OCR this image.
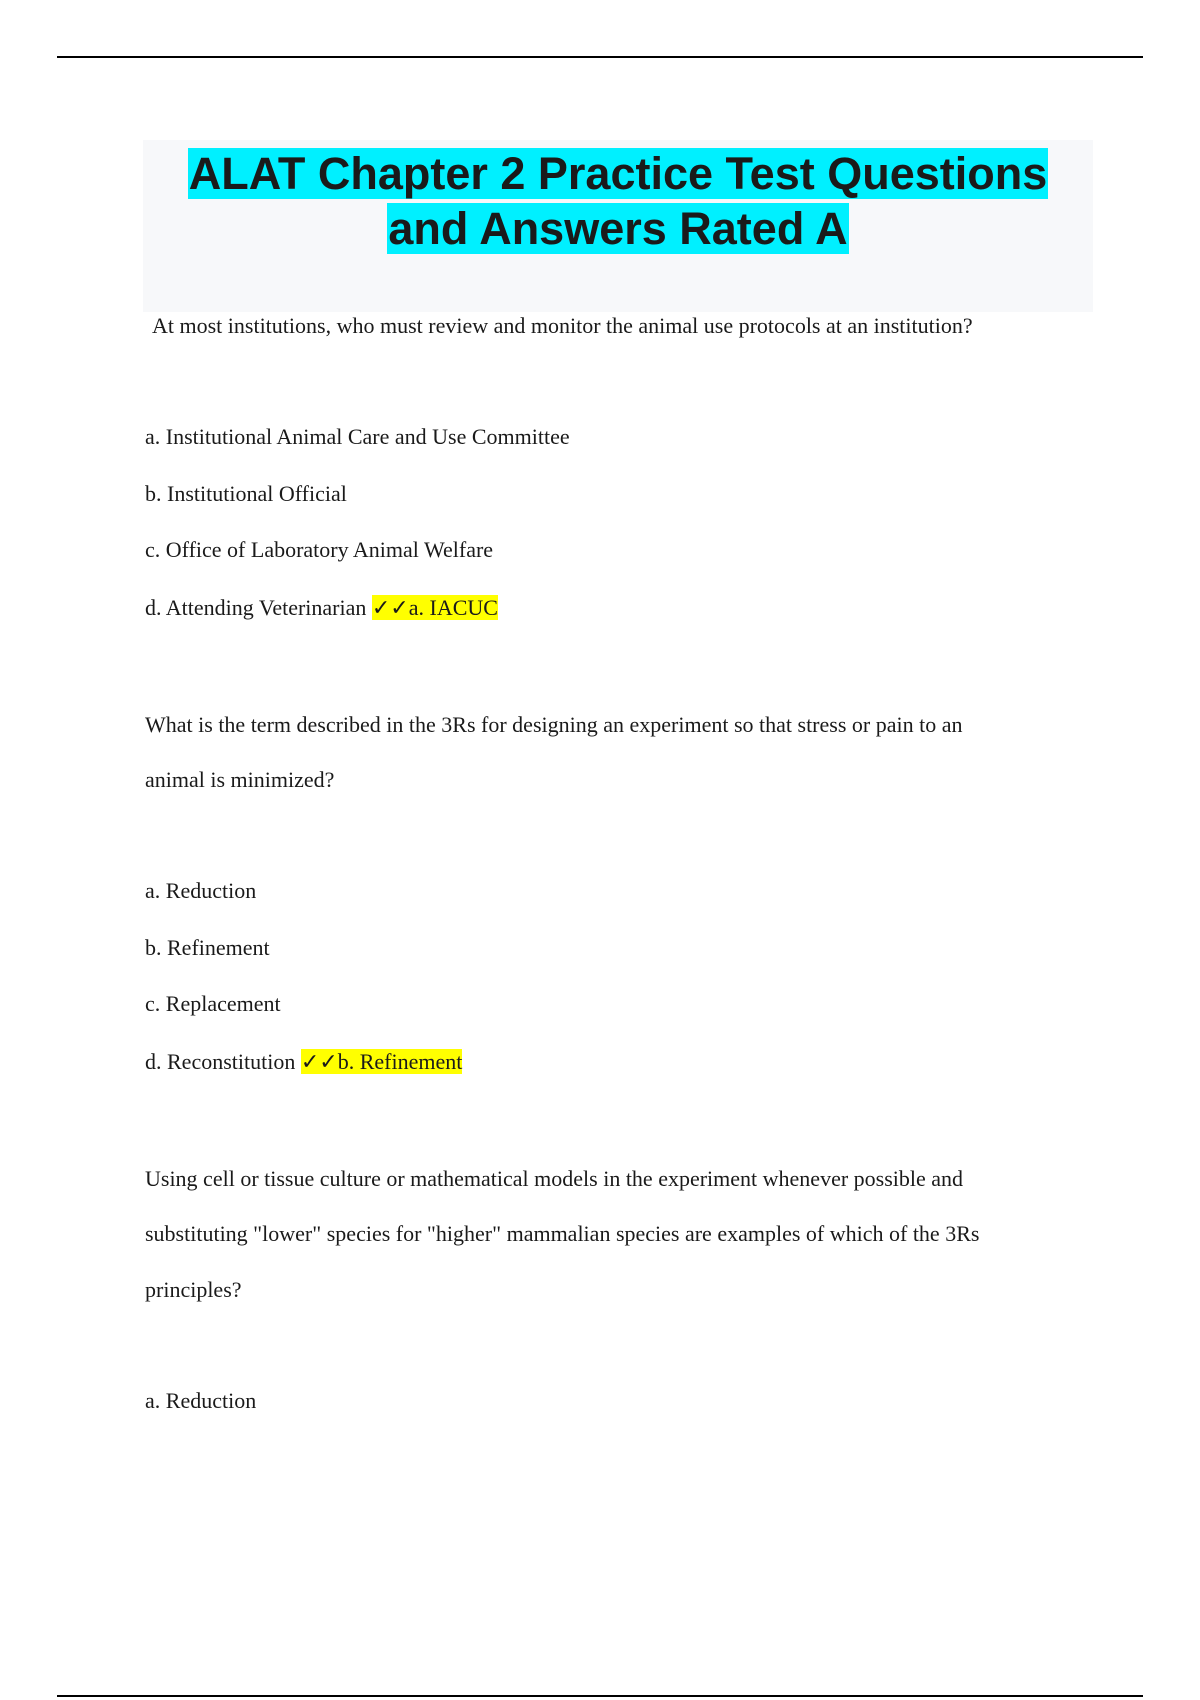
ALAT Chapter 2 Practice Test Questions
and Answers Rated A
At most institutions, who must review and monitor the animal use protocols at an institution?
a. Institutional Animal Care and Use Committee
b. Institutional Official
c. Office of Laboratory Animal Welfare
d. Attending Veterinarian ✓✓a. IACUC
What is the term described in the 3Rs for designing an experiment so that stress or pain to an
animal is minimized?
a. Reduction
b. Refinement
c. Replacement
d. Reconstitution ✓✓b. Refinement
Using cell or tissue culture or mathematical models in the experiment whenever possible and
substituting "lower" species for "higher" mammalian species are examples of which of the 3Rs
principles?
a. Reduction
